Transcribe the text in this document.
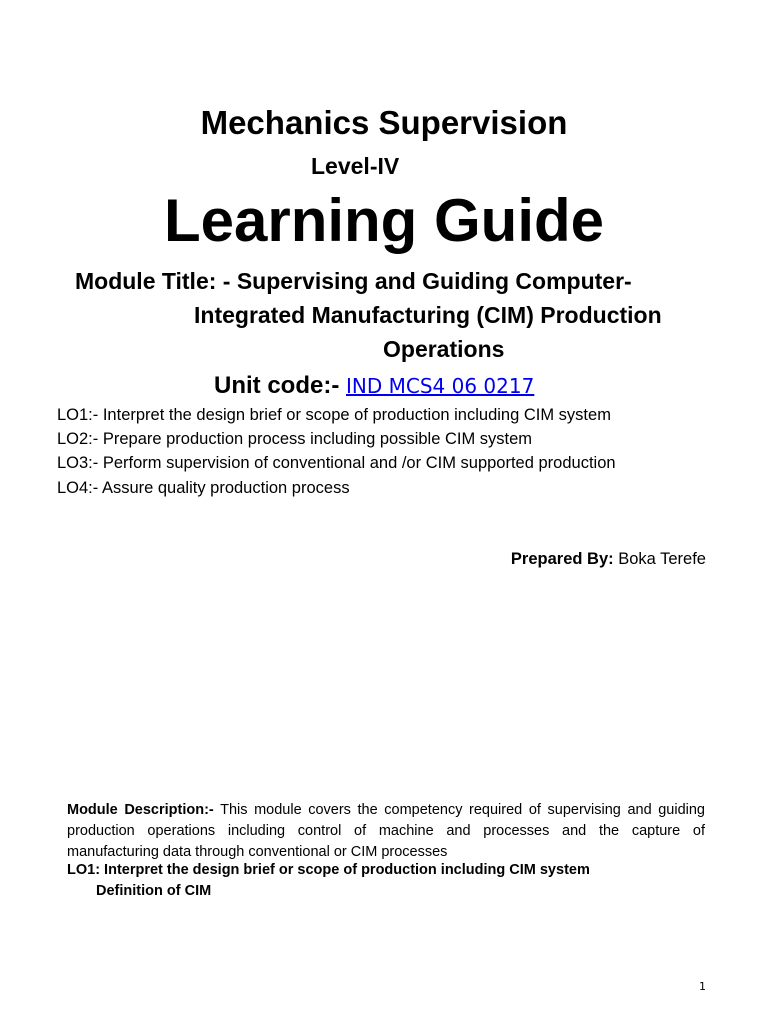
Mechanics Supervision
Level-IV
Learning Guide
Module Title: - Supervising and Guiding Computer-
Integrated Manufacturing (CIM) Production
Operations
Unit code:- IND MCS4 06 0217
LO1:- Interpret the design brief or scope of production including CIM system
LO2:- Prepare production process including possible CIM system
LO3:- Perform supervision of conventional and /or CIM supported production
LO4:- Assure quality production process
Prepared By: Boka Terefe
Module Description:- This module covers the competency required of supervising and guiding production operations including control of machine and processes and the capture of manufacturing data through conventional or CIM processes
LO1: Interpret the design brief or scope of production including CIM system
Definition of CIM
1
